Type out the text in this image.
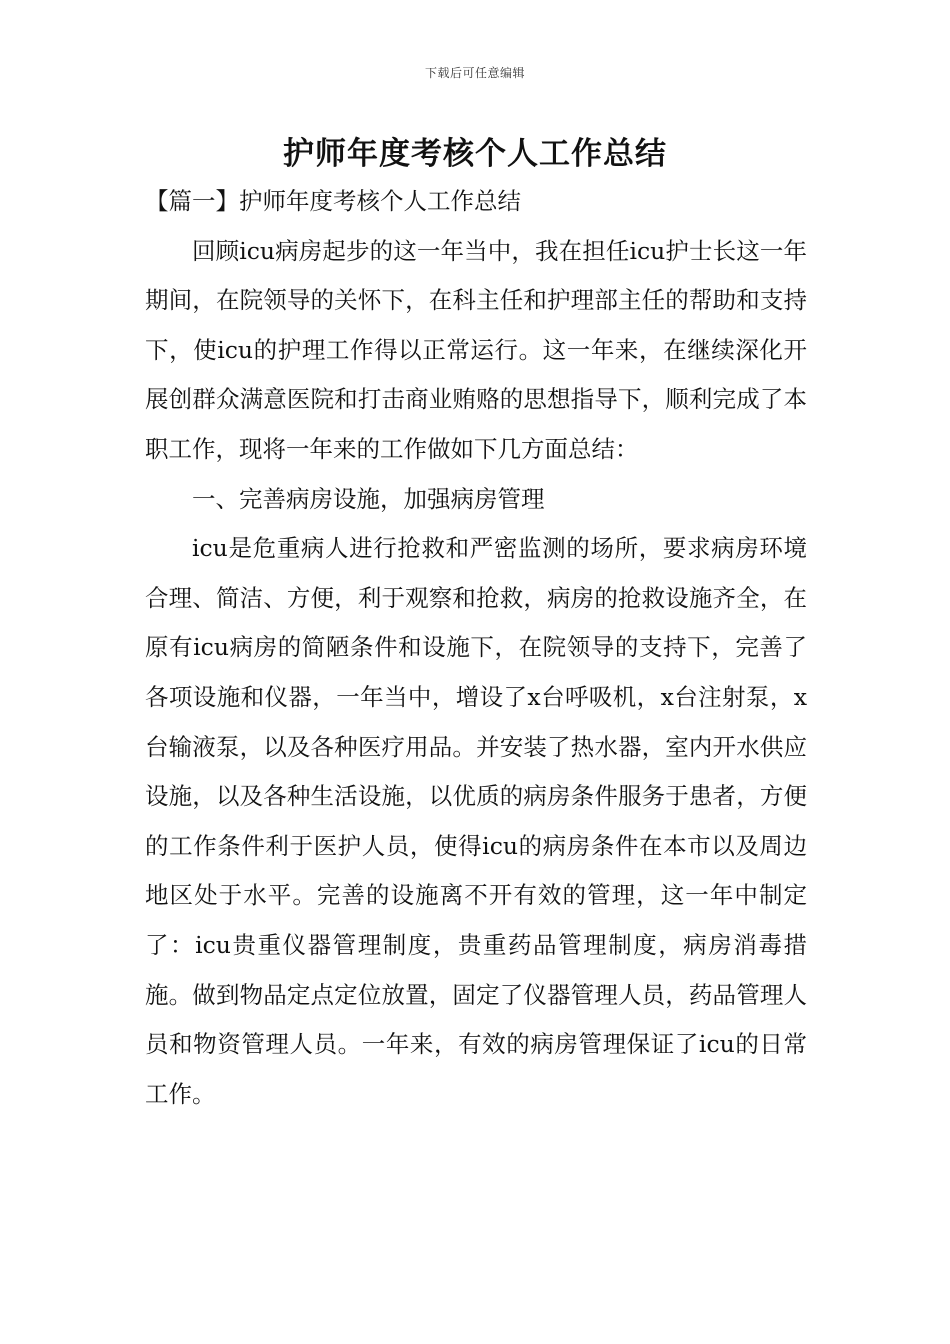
下载后可任意编辑
护师年度考核个人工作总结

【篇一】护师年度考核个人工作总结

回顾icu病房起步的这一年当中，我在担任icu护士长这一年期间，在院领导的关怀下，在科主任和护理部主任的帮助和支持下，使icu的护理工作得以正常运行。这一年来，在继续深化开展创群众满意医院和打击商业贿赂的思想指导下，顺利完成了本职工作，现将一年来的工作做如下几方面总结：

一、完善病房设施，加强病房管理

icu是危重病人进行抢救和严密监测的场所，要求病房环境合理、简洁、方便，利于观察和抢救，病房的抢救设施齐全，在原有icu病房的简陋条件和设施下，在院领导的支持下，完善了各项设施和仪器，一年当中，增设了x台呼吸机，x台注射泵，x台输液泵，以及各种医疗用品。并安装了热水器，室内开水供应设施，以及各种生活设施，以优质的病房条件服务于患者，方便的工作条件利于医护人员，使得icu的病房条件在本市以及周边地区处于水平。完善的设施离不开有效的管理，这一年中制定了：icu贵重仪器管理制度，贵重药品管理制度，病房消毒措施。做到物品定点定位放置，固定了仪器管理人员，药品管理人员和物资管理人员。一年来，有效的病房管理保证了icu的日常工作。
